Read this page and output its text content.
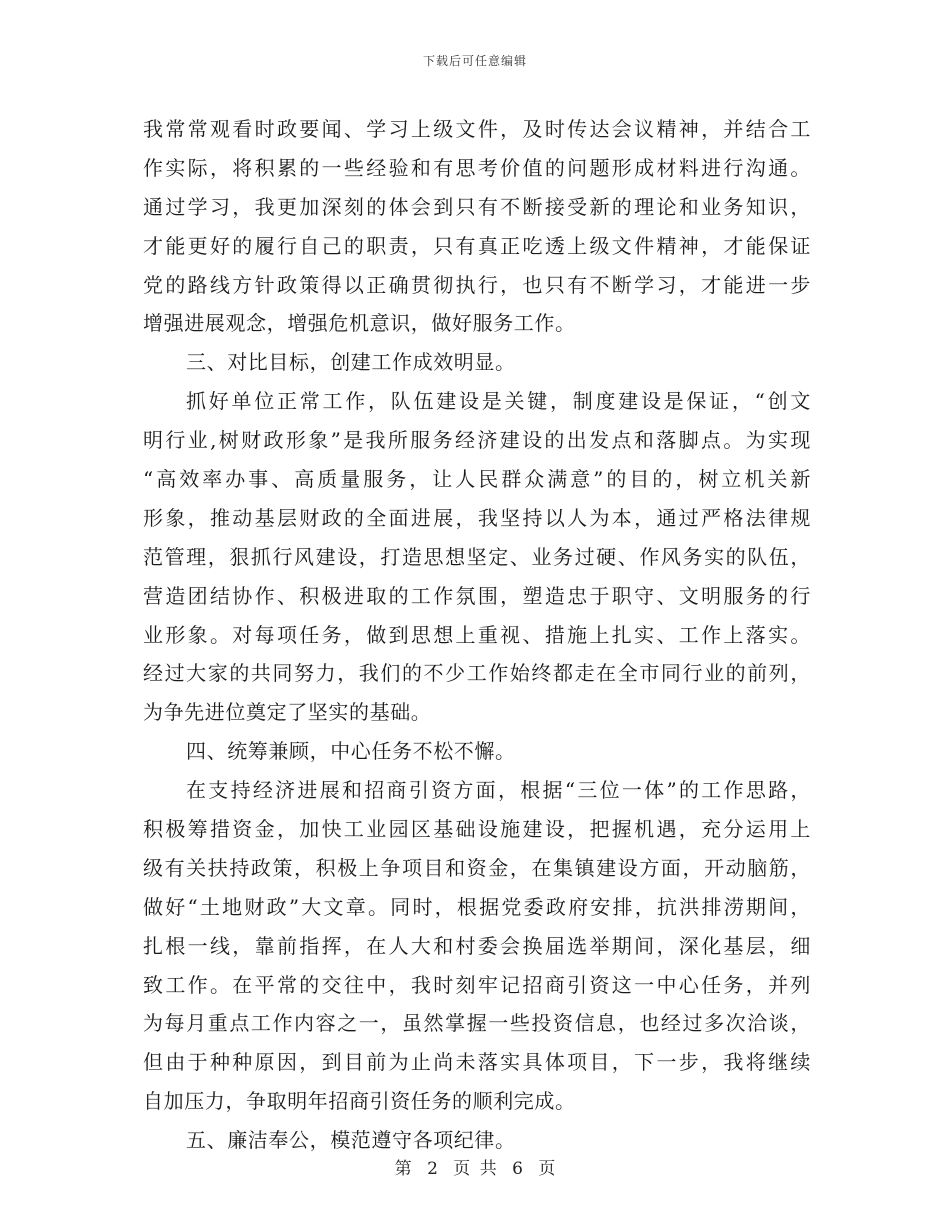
下载后可任意编辑
我常常观看时政要闻、学习上级文件，及时传达会议精神，并结合工
作实际，将积累的一些经验和有思考价值的问题形成材料进行沟通。
通过学习，我更加深刻的体会到只有不断接受新的理论和业务知识，
才能更好的履行自己的职责，只有真正吃透上级文件精神，才能保证
党的路线方针政策得以正确贯彻执行，也只有不断学习，才能进一步
增强进展观念，增强危机意识，做好服务工作。
三、对比目标，创建工作成效明显。
抓好单位正常工作，队伍建设是关键，制度建设是保证，“创文
明行业,树财政形象”是我所服务经济建设的出发点和落脚点。为实现
“高效率办事、高质量服务，让人民群众满意”的目的，树立机关新
形象，推动基层财政的全面进展，我坚持以人为本，通过严格法律规
范管理，狠抓行风建设，打造思想坚定、业务过硬、作风务实的队伍，
营造团结协作、积极进取的工作氛围，塑造忠于职守、文明服务的行
业形象。对每项任务，做到思想上重视、措施上扎实、工作上落实。
经过大家的共同努力，我们的不少工作始终都走在全市同行业的前列，
为争先进位奠定了坚实的基础。
四、统筹兼顾，中心任务不松不懈。
在支持经济进展和招商引资方面，根据“三位一体”的工作思路，
积极筹措资金，加快工业园区基础设施建设，把握机遇，充分运用上
级有关扶持政策，积极上争项目和资金，在集镇建设方面，开动脑筋，
做好“土地财政”大文章。同时，根据党委政府安排，抗洪排涝期间，
扎根一线，靠前指挥，在人大和村委会换届选举期间，深化基层，细
致工作。在平常的交往中，我时刻牢记招商引资这一中心任务，并列
为每月重点工作内容之一，虽然掌握一些投资信息，也经过多次洽谈，
但由于种种原因，到目前为止尚未落实具体项目，下一步，我将继续
自加压力，争取明年招商引资任务的顺利完成。
五、廉洁奉公，模范遵守各项纪律。
第 2 页 共 6 页
